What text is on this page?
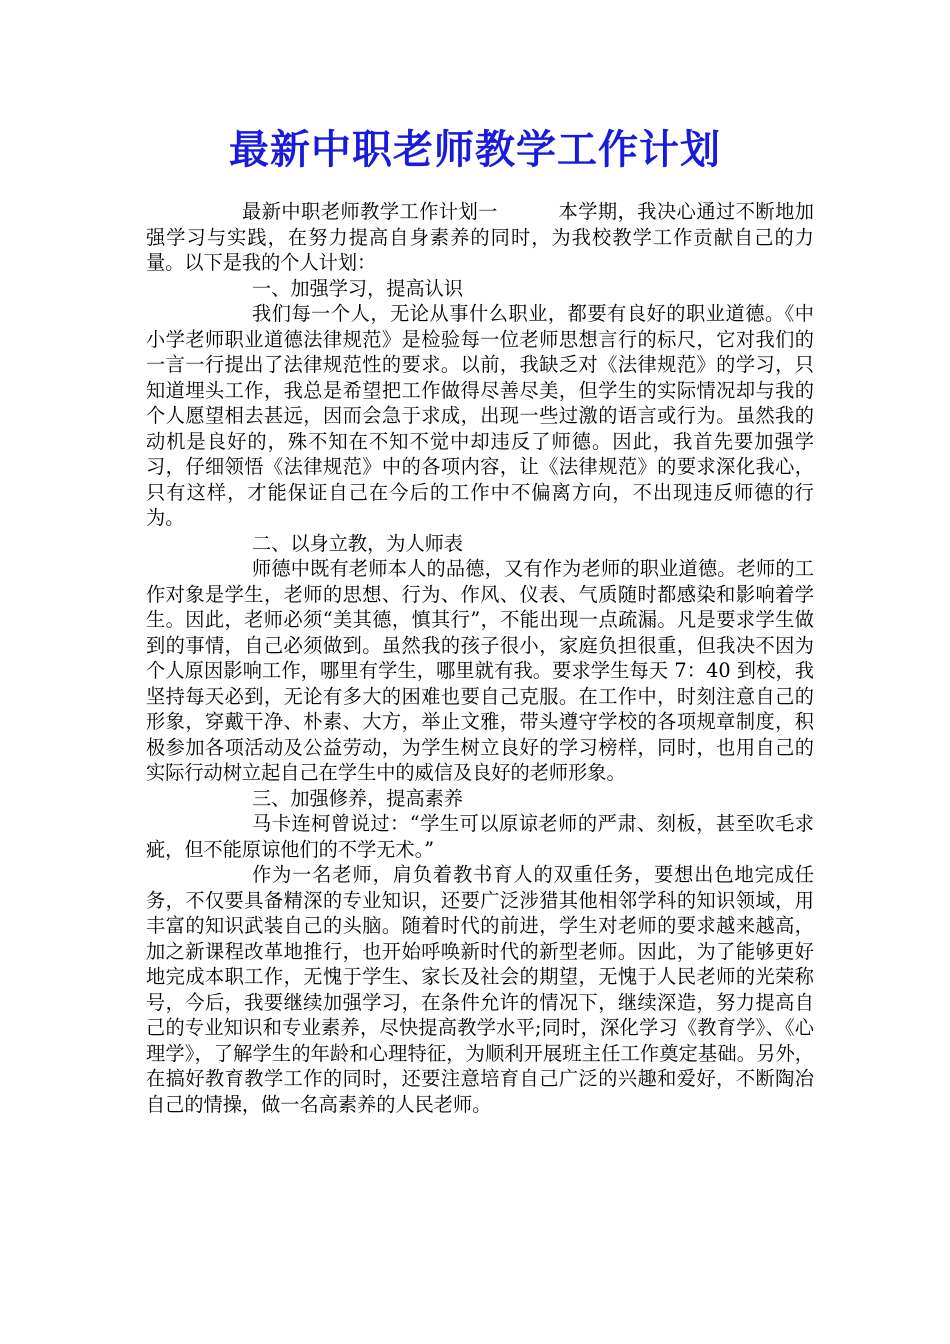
最新中职老师教学工作计划

最新中职老师教学工作计划一	本学期，我决心通过不断地加强学习与实践，在努力提高自身素养的同时，为我校教学工作贡献自己的力量。以下是我的个人计划：

一、加强学习，提高认识

我们每一个人，无论从事什么职业，都要有良好的职业道德。《中小学老师职业道德法律规范》是检验每一位老师思想言行的标尺，它对我们的一言一行提出了法律规范性的要求。以前，我缺乏对《法律规范》的学习，只知道埋头工作，我总是希望把工作做得尽善尽美，但学生的实际情况却与我的个人愿望相去甚远，因而会急于求成，出现一些过激的语言或行为。虽然我的动机是良好的，殊不知在不知不觉中却违反了师德。因此，我首先要加强学习，仔细领悟《法律规范》中的各项内容，让《法律规范》的要求深化我心，只有这样，才能保证自己在今后的工作中不偏离方向，不出现违反师德的行为。

二、以身立教，为人师表

师德中既有老师本人的品德，又有作为老师的职业道德。老师的工作对象是学生，老师的思想、行为、作风、仪表、气质随时都感染和影响着学生。因此，老师必须“美其德，慎其行”，不能出现一点疏漏。凡是要求学生做到的事情，自己必须做到。虽然我的孩子很小，家庭负担很重，但我决不因为个人原因影响工作，哪里有学生，哪里就有我。要求学生每天 7：40 到校，我坚持每天必到，无论有多大的困难也要自己克服。在工作中，时刻注意自己的形象，穿戴干净、朴素、大方，举止文雅，带头遵守学校的各项规章制度，积极参加各项活动及公益劳动，为学生树立良好的学习榜样，同时，也用自己的实际行动树立起自己在学生中的威信及良好的老师形象。

三、加强修养，提高素养

马卡连柯曾说过：“学生可以原谅老师的严肃、刻板，甚至吹毛求疵，但不能原谅他们的不学无术。”

作为一名老师，肩负着教书育人的双重任务，要想出色地完成任务，不仅要具备精深的专业知识，还要广泛涉猎其他相邻学科的知识领域，用丰富的知识武装自己的头脑。随着时代的前进，学生对老师的要求越来越高，加之新课程改革地推行，也开始呼唤新时代的新型老师。因此，为了能够更好地完成本职工作，无愧于学生、家长及社会的期望，无愧于人民老师的光荣称号，今后，我要继续加强学习，在条件允许的情况下，继续深造，努力提高自己的专业知识和专业素养，尽快提高教学水平;同时，深化学习《教育学》、《心理学》，了解学生的年龄和心理特征，为顺利开展班主任工作奠定基础。另外，在搞好教育教学工作的同时，还要注意培育自己广泛的兴趣和爱好，不断陶冶自己的情操，做一名高素养的人民老师。
